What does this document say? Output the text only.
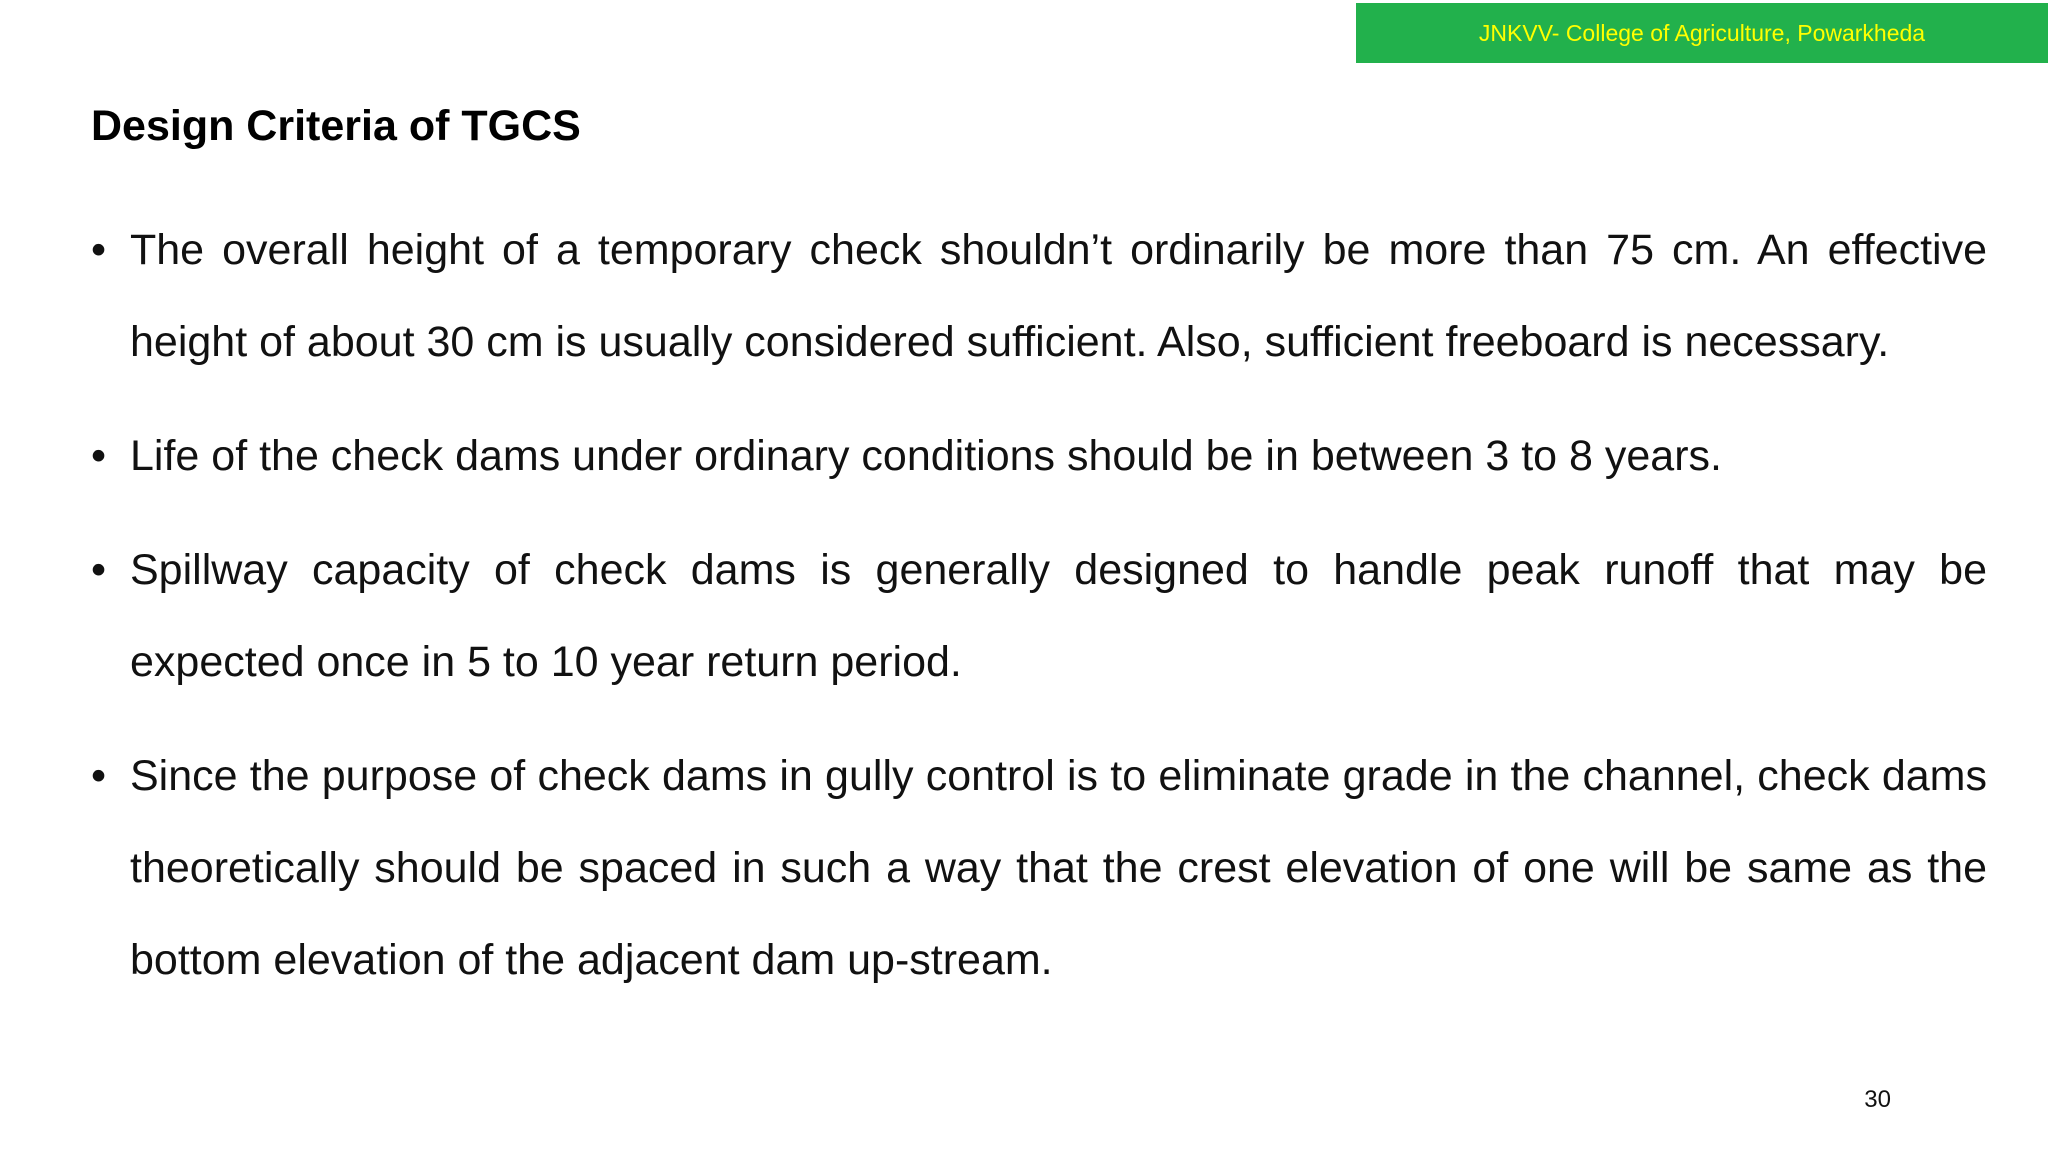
JNKVV- College of Agriculture, Powarkheda
Design Criteria of TGCS
• The overall height of a temporary check shouldn’t ordinarily be more than 75 cm. An effective height of about 30 cm is usually considered sufficient. Also, sufficient freeboard is necessary.
• Life of the check dams under ordinary conditions should be in between 3 to 8 years.
• Spillway capacity of check dams is generally designed to handle peak runoff that may be expected once in 5 to 10 year return period.
• Since the purpose of check dams in gully control is to eliminate grade in the channel, check dams theoretically should be spaced in such a way that the crest elevation of one will be same as the bottom elevation of the adjacent dam up-stream.
30
